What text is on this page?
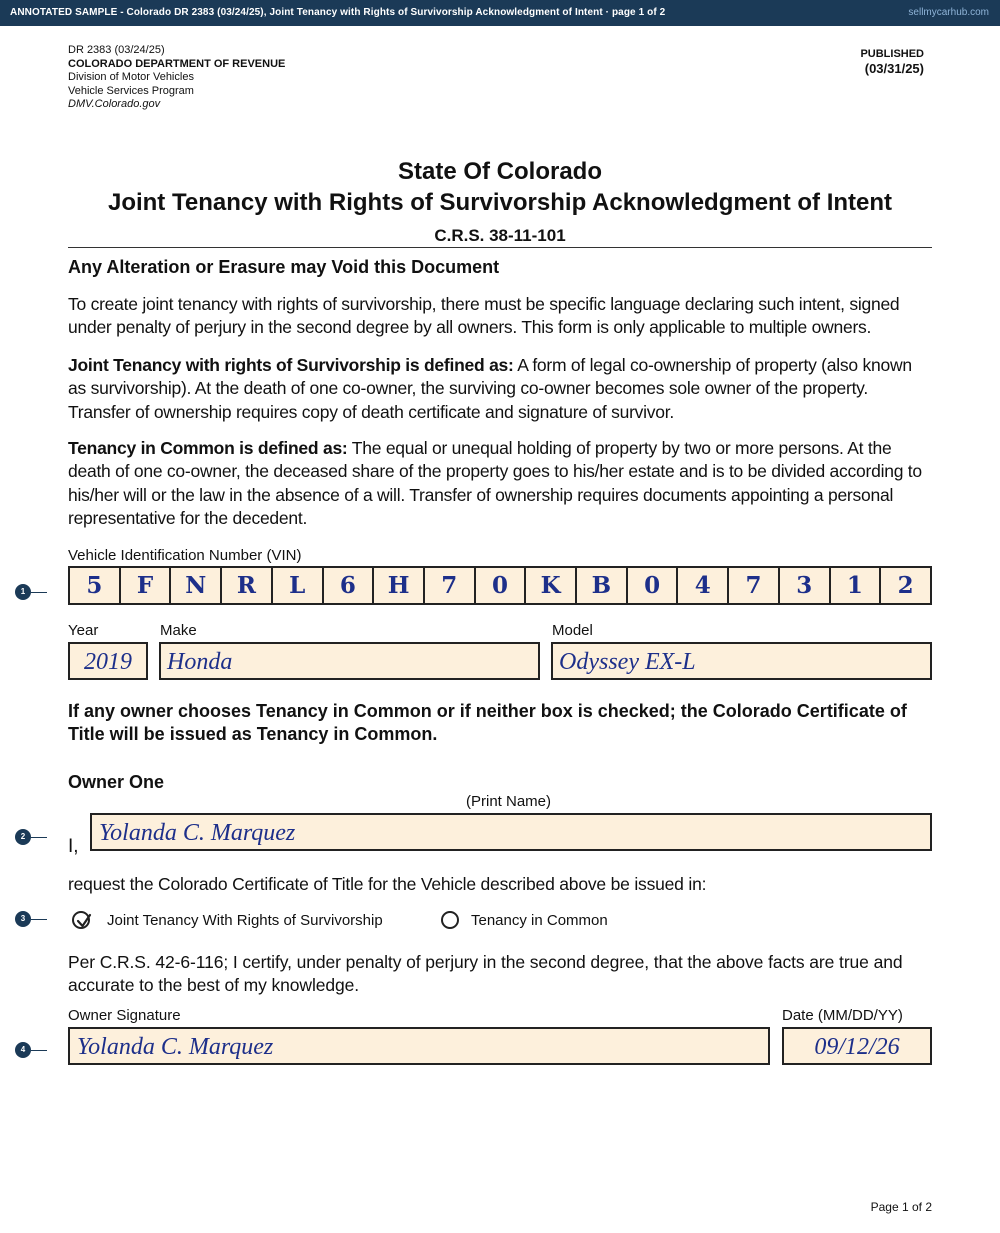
ANNOTATED SAMPLE - Colorado DR 2383 (03/24/25), Joint Tenancy with Rights of Survivorship Acknowledgment of Intent · page 1 of 2	sellmycarhub.com
DR 2383 (03/24/25)
COLORADO DEPARTMENT OF REVENUE
Division of Motor Vehicles
Vehicle Services Program
DMV.Colorado.gov
PUBLISHED
(03/31/25)
State Of Colorado
Joint Tenancy with Rights of Survivorship Acknowledgment of Intent
C.R.S. 38-11-101
Any Alteration or Erasure may Void this Document
To create joint tenancy with rights of survivorship, there must be specific language declaring such intent, signed under penalty of perjury in the second degree by all owners. This form is only applicable to multiple owners.
Joint Tenancy with rights of Survivorship is defined as: A form of legal co-ownership of property (also known as survivorship). At the death of one co-owner, the surviving co-owner becomes sole owner of the property. Transfer of ownership requires copy of death certificate and signature of survivor.
Tenancy in Common is defined as: The equal or unequal holding of property by two or more persons. At the death of one co-owner, the deceased share of the property goes to his/her estate and is to be divided according to his/her will or the law in the absence of a will. Transfer of ownership requires documents appointing a personal representative for the decedent.
Vehicle Identification Number (VIN)
5	F	N	R	L	6	H	7	0	K	B	0	4	7	3	1	2
Year	Make	Model
2019	Honda	Odyssey EX-L
If any owner chooses Tenancy in Common or if neither box is checked; the Colorado Certificate of Title will be issued as Tenancy in Common.
Owner One
(Print Name)
I,
Yolanda C. Marquez
request the Colorado Certificate of Title for the Vehicle described above be issued in:
Joint Tenancy With Rights of Survivorship	Tenancy in Common
Per C.R.S. 42-6-116; I certify, under penalty of perjury in the second degree, that the above facts are true and accurate to the best of my knowledge.
Owner Signature	Date (MM/DD/YY)
Yolanda C. Marquez	09/12/26
1
2
3
4
Page 1 of 2
